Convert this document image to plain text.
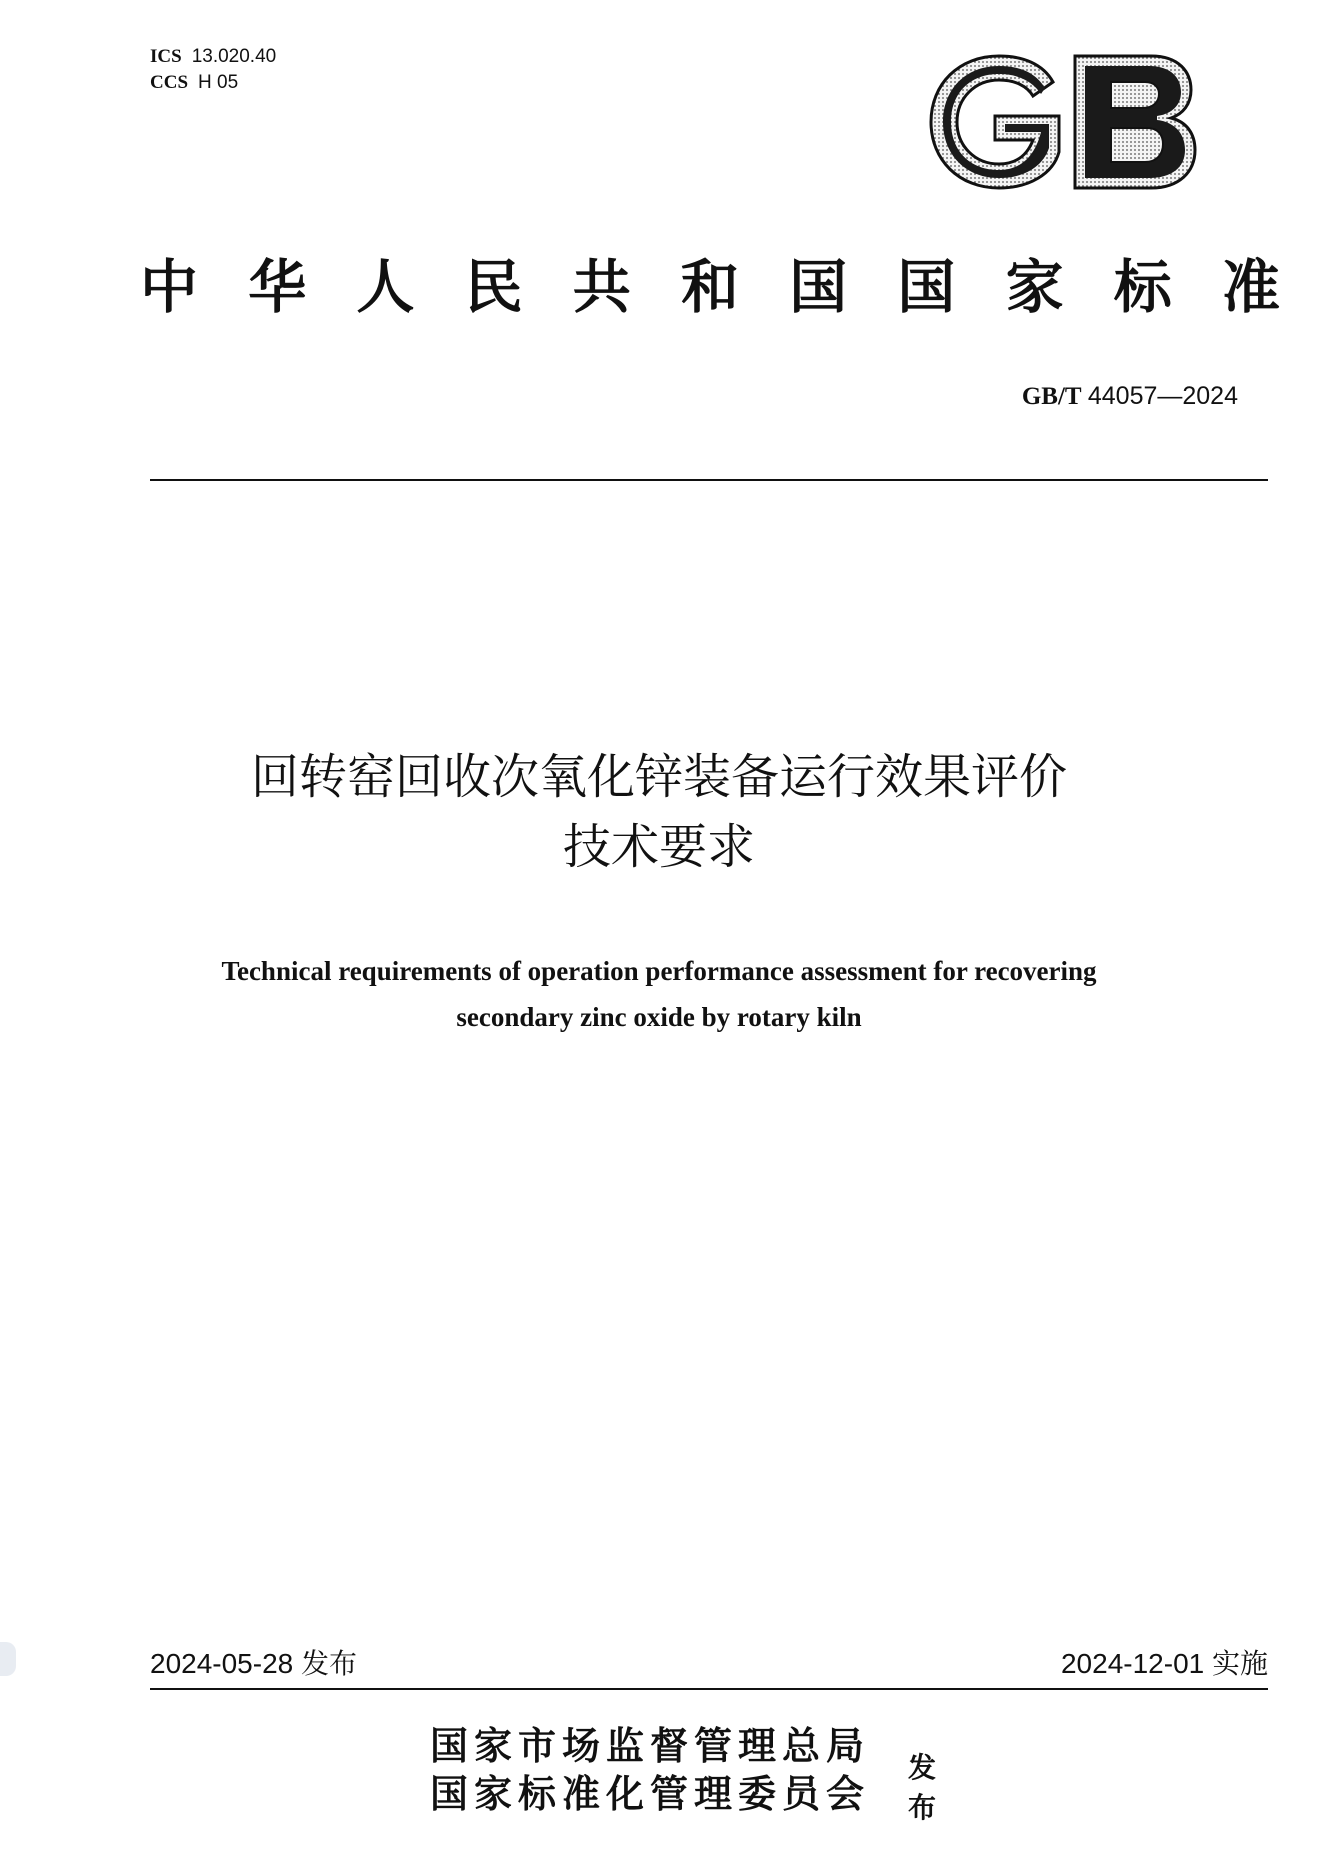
ICS 13.020.40
CCS H 05
中华人民共和国国家标准
GB/T 44057—2024
回转窑回收次氧化锌装备运行效果评价
技术要求
Technical requirements of operation performance assessment for recovering
secondary zinc oxide by rotary kiln
2024-05-28 发布	2024-12-01 实施
国家市场监督管理总局
国家标准化管理委员会
发 布
